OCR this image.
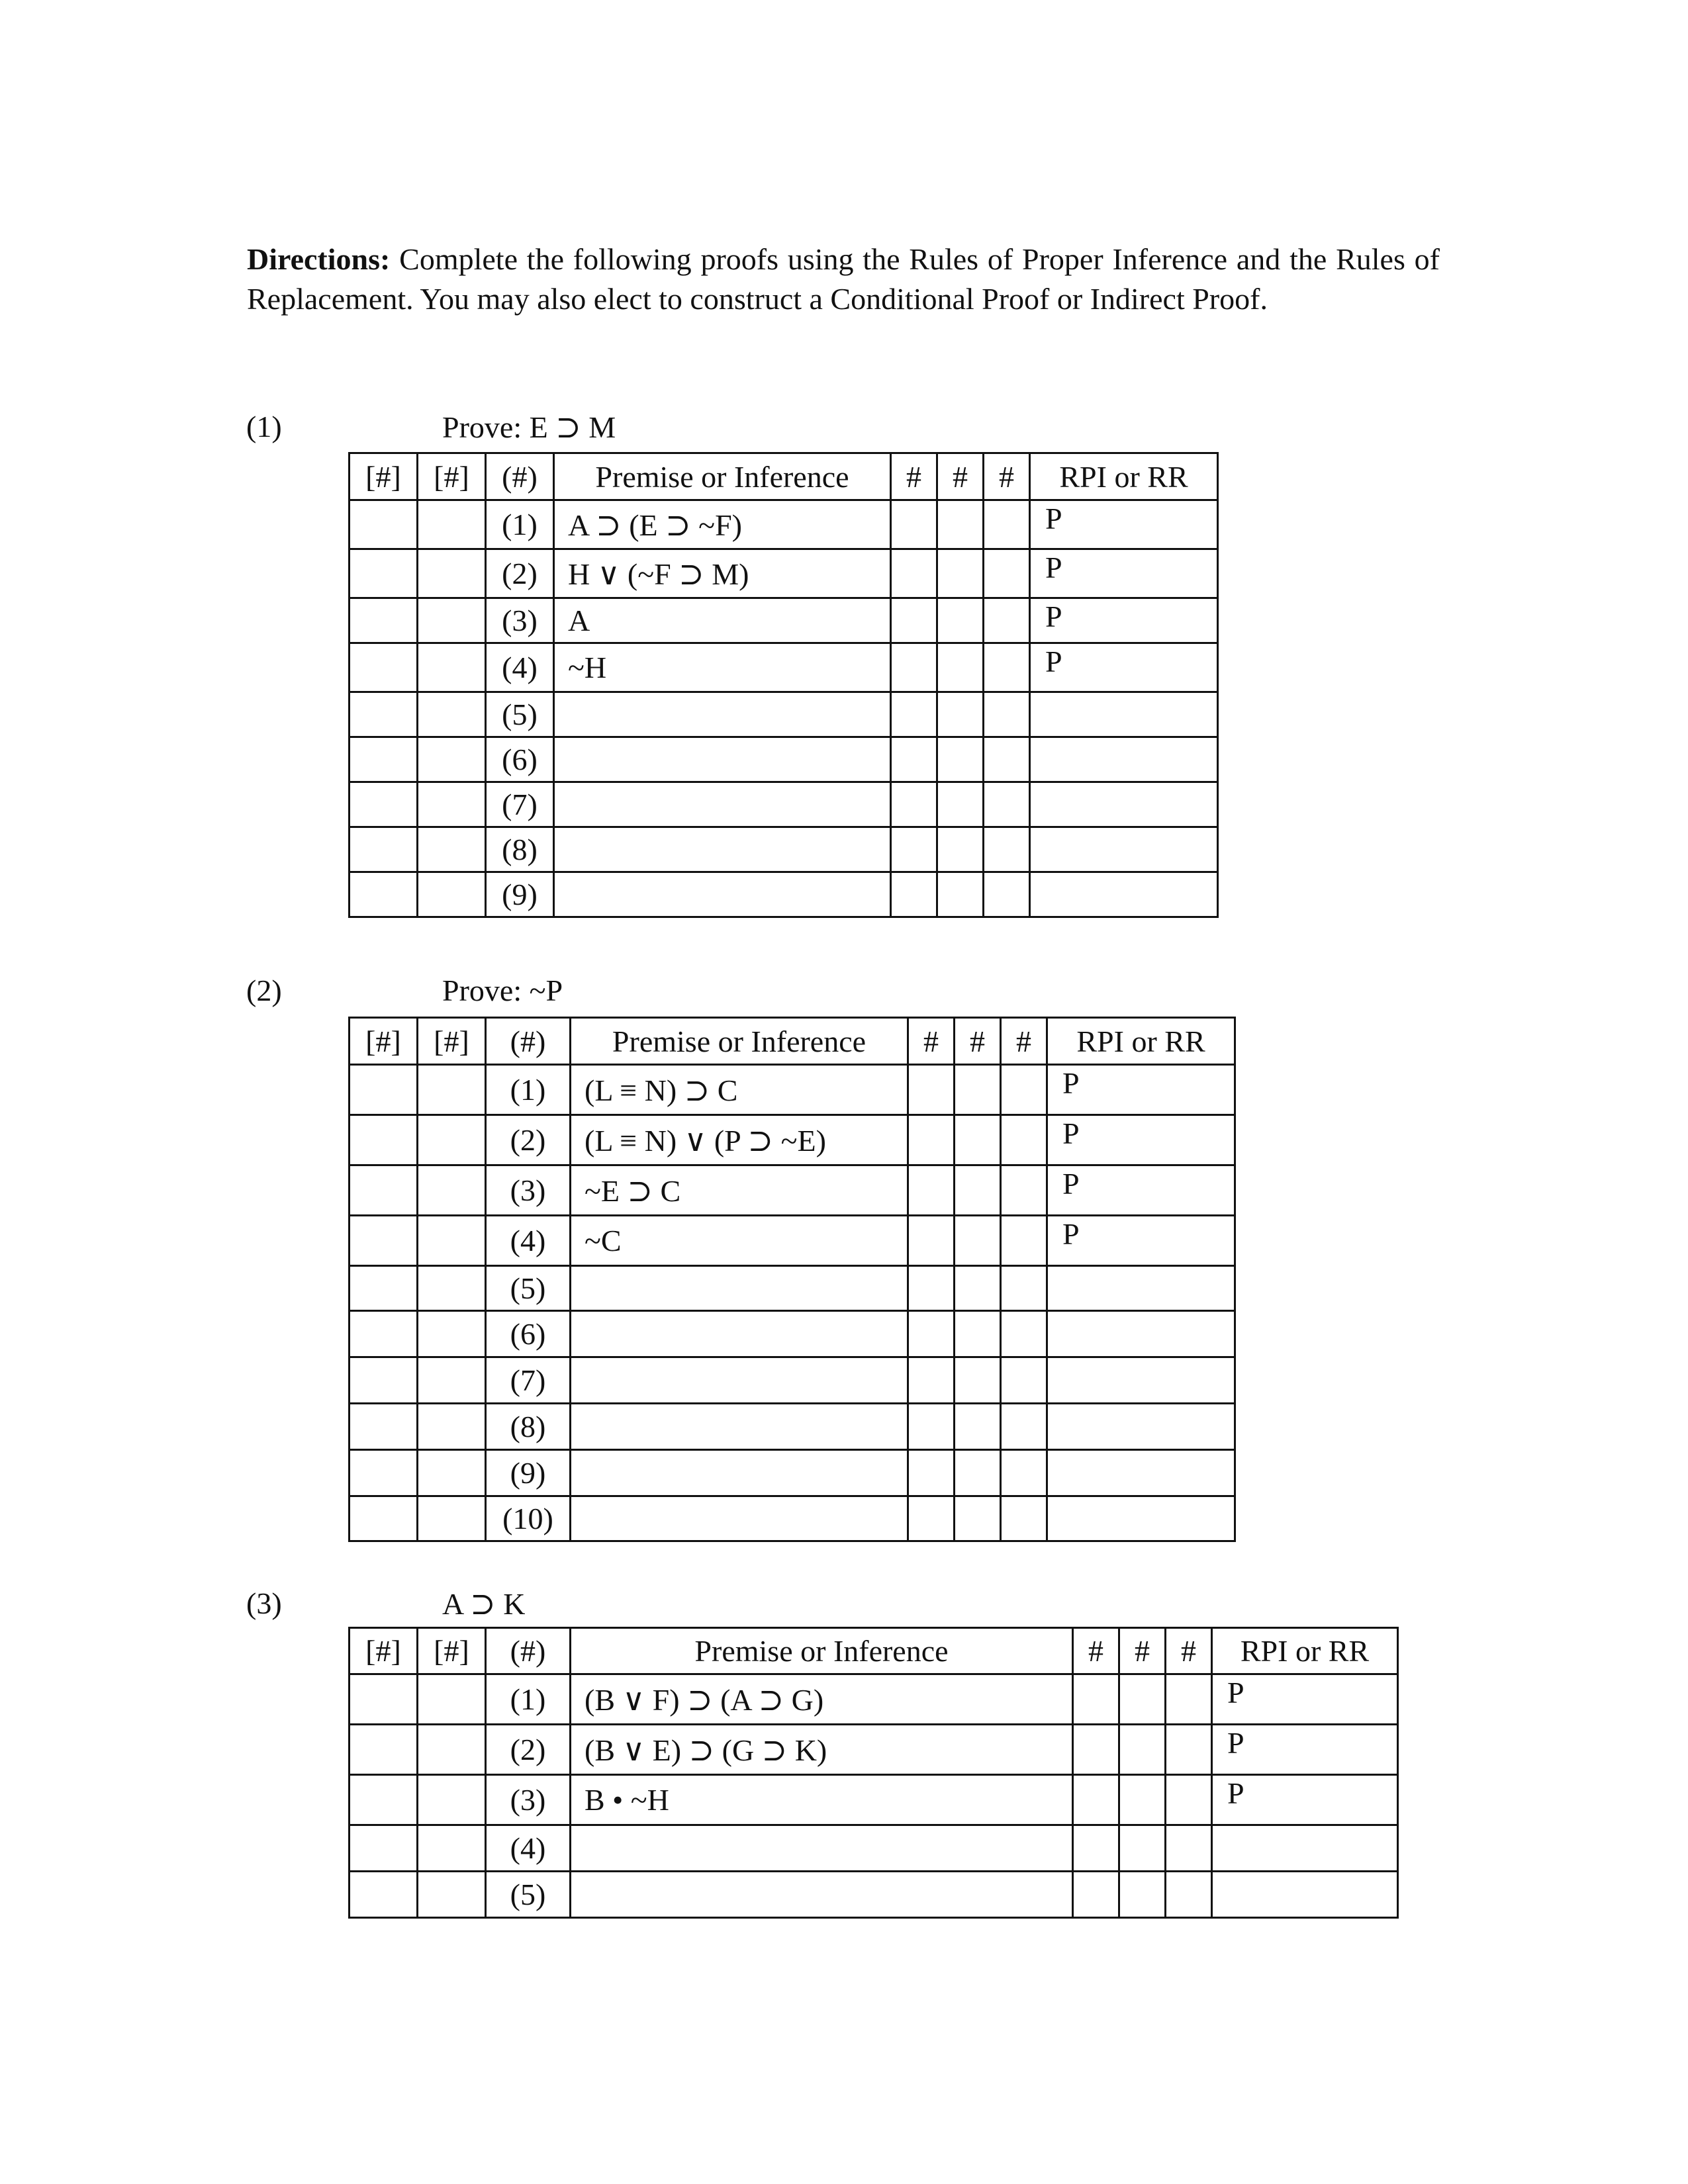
Directions: Complete the following proofs using the Rules of Proper Inference and the Rules of Replacement. You may also elect to construct a Conditional Proof or Indirect Proof.

(1)	Prove: E ⊃ M
[#]	[#]	(#)	Premise or Inference	#	#	#	RPI or RR
		(1)	A ⊃ (E ⊃ ~F)				P
		(2)	H ∨ (~F ⊃ M)				P
		(3)	A				P
		(4)	~H				P
		(5)					
		(6)					
		(7)					
		(8)					
		(9)					
(2)	Prove: ~P
[#]	[#]	(#)	Premise or Inference	#	#	#	RPI or RR
		(1)	(L ≡ N) ⊃ C				P
		(2)	(L ≡ N) ∨ (P ⊃ ~E)				P
		(3)	~E ⊃ C				P
		(4)	~C				P
		(5)					
		(6)					
		(7)					
		(8)					
		(9)					
		(10)					
(3)	A ⊃ K
[#]	[#]	(#)	Premise or Inference	#	#	#	RPI or RR
		(1)	(B ∨ F) ⊃ (A ⊃ G)				P
		(2)	(B ∨ E) ⊃ (G ⊃ K)				P
		(3)	B • ~H				P
		(4)					
		(5)					
